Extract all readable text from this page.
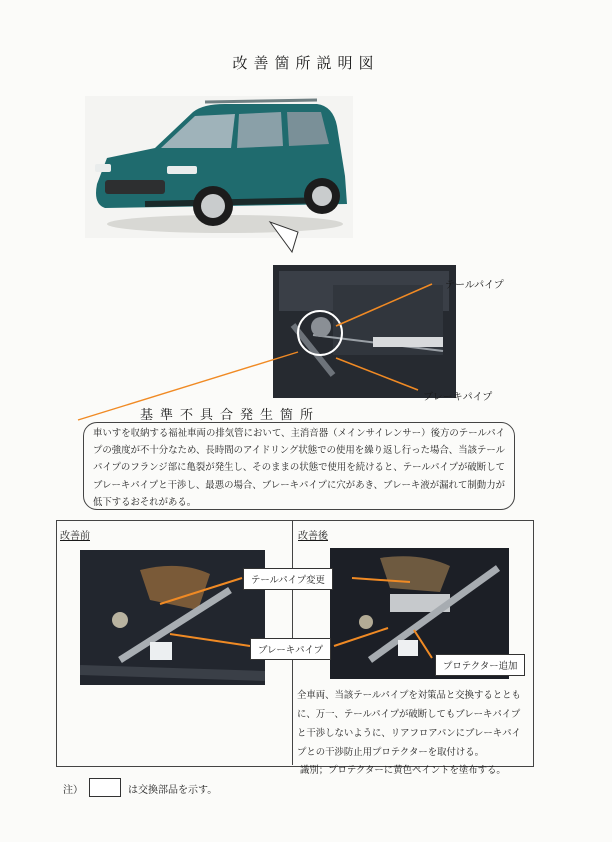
改善箇所説明図
テールパイプ
ブレーキパイプ
基準不具合発生箇所
車いすを収納する福祉車両の排気管において、主消音器（メインサイレンサー）後方のテールパイプの強度が不十分なため、長時間のアイドリング状態での使用を繰り返し行った場合、当該テールパイプのフランジ部に亀裂が発生し、そのままの状態で使用を続けると、テールパイプが破断してブレーキパイプと干渉し、最悪の場合、ブレーキパイプに穴があき、ブレーキ液が漏れて制動力が低下するおそれがある。
改善前	改善後
テールパイプ変更
ブレーキパイプ
プロテクター追加
全車両、当該テールパイプを対策品と交換するとともに、万一、テールパイプが破断してもブレーキパイプと干渉しないように、リアフロアパンにブレーキパイプとの干渉防止用プロテクターを取付ける。
識別；プロテクターに黄色ペイントを塗布する。
注）	は交換部品を示す。
